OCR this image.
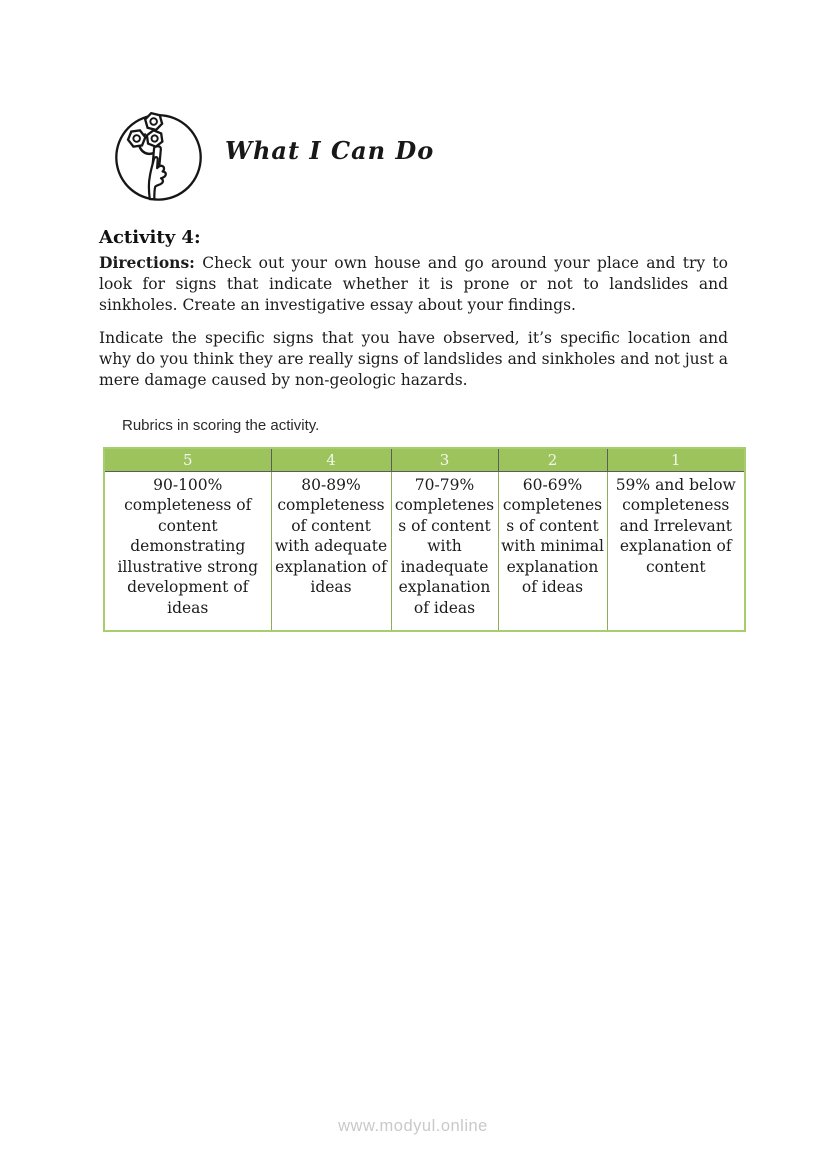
What I Can Do
Activity 4:
Directions: Check out your own house and go around your place and try to look for signs that indicate whether it is prone or not to landslides and sinkholes. Create an investigative essay about your findings.
Indicate the specific signs that you have observed, it’s specific location and why do you think they are really signs of landslides and sinkholes and not just a mere damage caused by non-geologic hazards.
Rubrics in scoring the activity.
5	4	3	2	1
90-100% completeness of content demonstrating illustrative strong development of ideas	80-89% completeness of content with adequate explanation of ideas	70-79% completeness of content with inadequate explanation of ideas	60-69% completeness of content with minimal explanation of ideas	59% and below completeness and Irrelevant explanation of content
www.modyul.online
